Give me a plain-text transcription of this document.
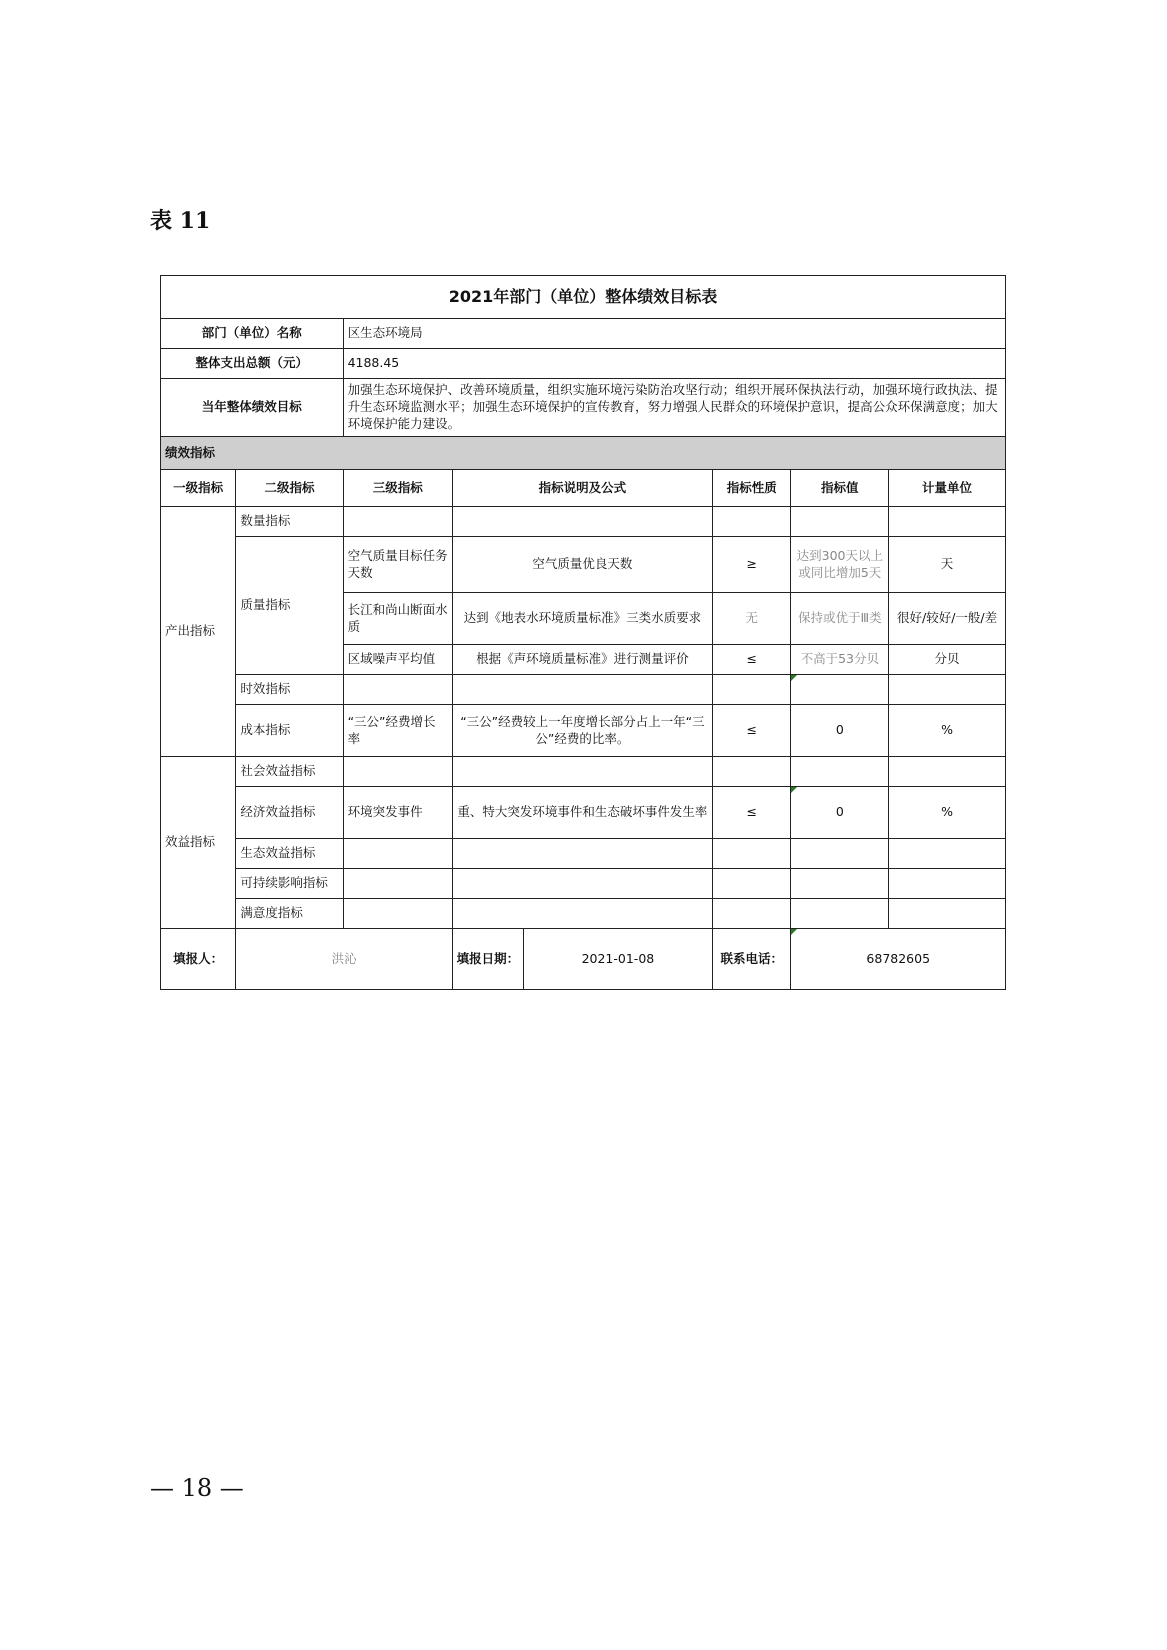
表 11
2021年部门（单位）整体绩效目标表						
部门（单位）名称		区生态环境局				
整体支出总额（元）		4188.45				
当年整体绩效目标		加强生态环境保护、改善环境质量，组织实施环境污染防治攻坚行动；组织开展环保执法行动，加强环境行政执法、提升生态环境监测水平；加强生态环境保护的宣传教育，努力增强人民群众的环境保护意识，提高公众环保满意度；加大环境保护能力建设。				
绩效指标						
一级指标	二级指标	三级指标	指标说明及公式	指标性质	指标值	计量单位
产出指标	数量指标					
	质量指标	空气质量目标任务天数	空气质量优良天数	≥	达到300天以上或同比增加5天	天
		长江和尚山断面水质	达到《地表水环境质量标准》三类水质要求	无	保持或优于Ⅲ类	很好/较好/一般/差
		区域噪声平均值	根据《声环境质量标准》进行测量评价	≤	不高于53分贝	分贝
	时效指标					
	成本指标	“三公”经费增长率	“三公”经费较上一年度增长部分占上一年“三公”经费的比率。	≤	0	%
效益指标	社会效益指标					
	经济效益指标	环境突发事件	重、特大突发环境事件和生态破坏事件发生率	≤	0	%
	生态效益指标					
	可持续影响指标					
	满意度指标					
填报人：	洪沁		填报日期： 2021-01-08	联系电话：	68782605	
— 18 —
